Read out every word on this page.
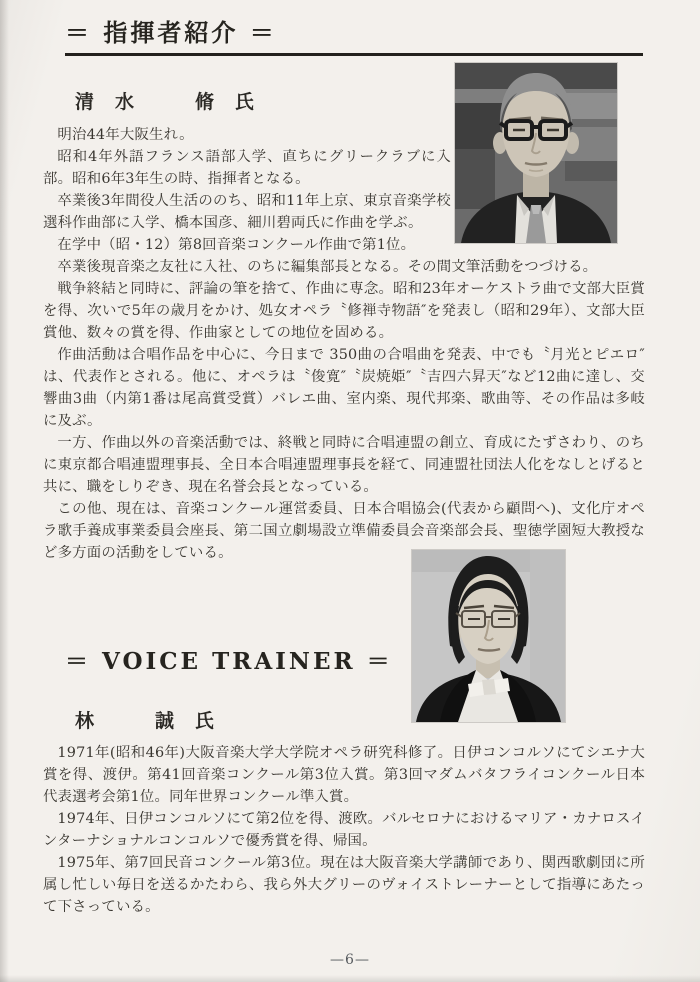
＝ 指揮者紹介 ＝
清　水　　　脩　氏

明治44年大阪生れ。

昭和4年外語フランス語部入学、直ちにグリークラブに入部。昭和6年3年生の時、指揮者となる。

卒業後3年間役人生活ののち、昭和11年上京、東京音楽学校選科作曲部に入学、橋本国彦、細川碧両氏に作曲を学ぶ。

在学中（昭・12）第8回音楽コンクール作曲で第1位。

卒業後現音楽之友社に入社、のちに編集部長となる。その間文筆活動をつづける。

戦争終結と同時に、評論の筆を捨て、作曲に専念。昭和23年オーケストラ曲で文部大臣賞を得、次いで5年の歳月をかけ、処女オペラ〝修禅寺物語″を発表し（昭和29年）、文部大臣賞他、数々の賞を得、作曲家としての地位を固める。

作曲活動は合唱作品を中心に、今日まで 350曲の合唱曲を発表、中でも〝月光とピエロ″は、代表作とされる。他に、オペラは〝俊寛″〝炭焼姫″〝吉四六昇天″など12曲に達し、交響曲3曲（内第1番は尾高賞受賞）バレエ曲、室内楽、現代邦楽、歌曲等、その作品は多岐に及ぶ。

一方、作曲以外の音楽活動では、終戦と同時に合唱連盟の創立、育成にたずさわり、のちに東京都合唱連盟理事長、全日本合唱連盟理事長を経て、同連盟社団法人化をなしとげると共に、職をしりぞき、現在名誉会長となっている。

この他、現在は、音楽コンクール運営委員、日本合唱協会(代表から顧問へ)、文化庁オペラ歌手養成事業委員会座長、第二国立劇場設立準備委員会音楽部会長、聖徳学園短大教授など多方面の活動をしている。

＝ VOICE TRAINER ＝
林　　　誠　氏

1971年(昭和46年)大阪音楽大学大学院オペラ研究科修了。日伊コンコルソにてシエナ大賞を得、渡伊。第41回音楽コンクール第3位入賞。第3回マダムバタフライコンクール日本代表選考会第1位。同年世界コンクール準入賞。

1974年、日伊コンコルソにて第2位を得、渡欧。バルセロナにおけるマリア・カナロスインターナショナルコンコルソで優秀賞を得、帰国。

1975年、第7回民音コンクール第3位。現在は大阪音楽大学講師であり、関西歌劇団に所属し忙しい毎日を送るかたわら、我ら外大グリーのヴォイストレーナーとして指導にあたって下さっている。

—6—
